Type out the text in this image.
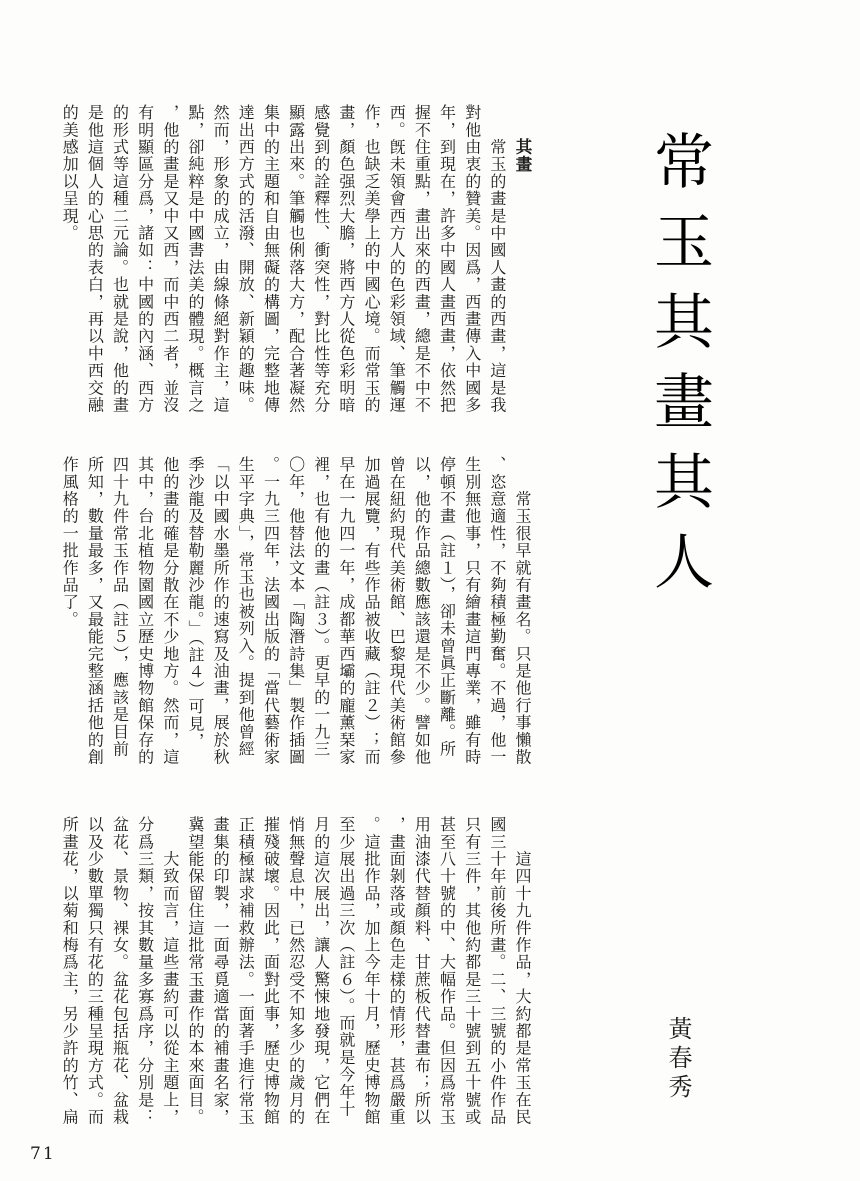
常玉其畫其人
黃春秀
其畫
　　常玉的畫是中國人畫的西畫，這是我
對他由衷的贊美。因爲，西畫傳入中國多
年，到現在，許多中國人畫西畫，依然把
握不住重點，畫出來的西畫，總是不中不
西。旣未領會西方人的色彩領域、筆觸運
作，也缺乏美學上的中國心境。而常玉的
畫，顏色强烈大膽，將西方人從色彩明暗
感覺到的詮釋性、衝突性，對比性等充分
顯露出來。筆觸也俐落大方，配合著凝然
集中的主題和自由無礙的構圖，完整地傳
達出西方式的活潑、開放、新穎的趣味。
然而，形象的成立，由線條絕對作主，這
點，卻純粹是中國書法美的體現。概言之
，他的畫是又中又西，而中西二者，並沒
有明顯區分爲，諸如：中國的內涵、西方
的形式等這種二元論。也就是說，他的畫
是他這個人的心思的表白，再以中西交融
的美感加以呈現。
　　常玉很早就有畫名。只是他行事懶散
、恣意適性，不夠積極勤奮。不過，他一
生別無他事，只有繪畫這門專業，雖有時
停頓不畫（註１），卻未曾眞正斷離。所
以，他的作品總數應該還是不少。譬如他
曾在紐約現代美術館、巴黎現代美術館參
加過展覽，有些作品被收藏（註２）；而
早在一九四一年，成都華西壩的龐薰琹家
裡，也有他的畫（註３）。更早的一九三
〇年，他替法文本「陶潛詩集」製作插圖
。一九三四年，法國出版的「當代藝術家
生平字典」，常玉也被列入。提到他曾經
「以中國水墨所作的速寫及油畫，展於秋
季沙龍及替勒麗沙龍。」（註４）可見，
他的畫的確是分散在不少地方。然而，這
其中，台北植物園國立歷史博物館保存的
四十九件常玉作品（註５），應該是目前
所知，數量最多，又最能完整涵括他的創
作風格的一批作品了。
　　這四十九件作品，大約都是常玉在民
國三十年前後所畫。二、三號的小件作品
只有三件，其他約都是三十號到五十號或
甚至八十號的中、大幅作品。但因爲常玉
用油漆代替顏料、甘蔗板代替畫布；所以
，畫面剝落或顏色走樣的情形，甚爲嚴重
。這批作品，加上今年十月，歷史博物館
至少展出過三次（註６）。而就是今年十
月的這次展出，讓人驚悚地發現，它們在
悄無聲息中，已然忍受不知多少的歲月的
摧殘破壞。因此，面對此事，歷史博物館
正積極謀求補救辦法。一面著手進行常玉
畫集的印製，一面尋覓適當的補畫名家，
冀望能保留住這批常玉畫作的本來面目。
　　大致而言，這些畫約可以從主題上，
分爲三類，按其數量多寡爲序，分別是：
盆花、景物、裸女。盆花包括瓶花、盆栽
以及少數單獨只有花的三種呈現方式。而
所畫花，以菊和梅爲主，另少許的竹、扁
71
